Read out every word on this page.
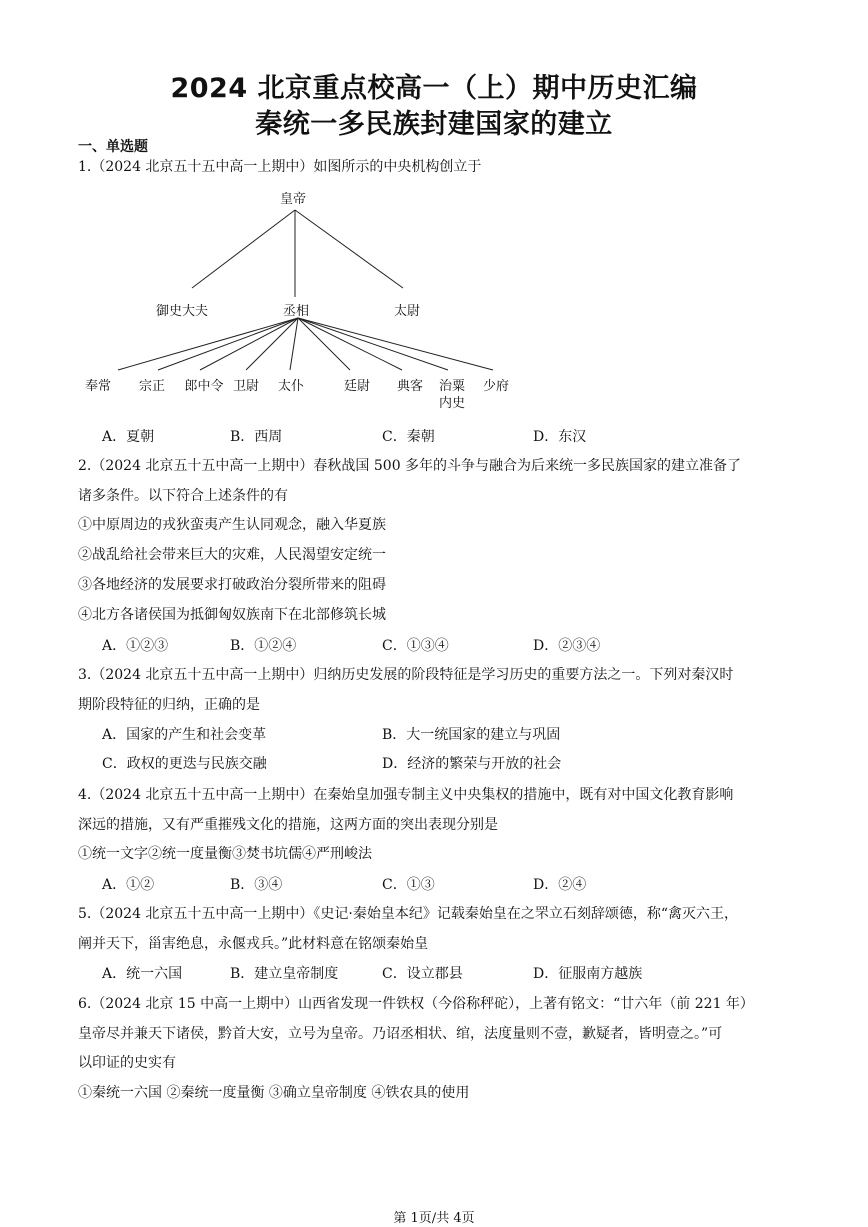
2024 北京重点校高一（上）期中历史汇编
秦统一多民族封建国家的建立
一、单选题
1.（2024 北京五十五中高一上期中）如图所示的中央机构创立于
皇帝
御史大夫	丞相	太尉
奉常 宗正 郎中令 卫尉 太仆	廷尉 典客 治粟
内史
少府
A．夏朝	B．西周	C．秦朝	D．东汉
2.（2024 北京五十五中高一上期中）春秋战国 500 多年的斗争与融合为后来统一多民族国家的建立准备了
诸多条件。以下符合上述条件的有
①中原周边的戎狄蛮夷产生认同观念，融入华夏族
②战乱给社会带来巨大的灾难，人民渴望安定统一
③各地经济的发展要求打破政治分裂所带来的阻碍
④北方各诸侯国为抵御匈奴族南下在北部修筑长城
A．①②③	B．①②④	C．①③④	D．②③④
3.（2024 北京五十五中高一上期中）归纳历史发展的阶段特征是学习历史的重要方法之一。下列对秦汉时
期阶段特征的归纳，正确的是
A．国家的产生和社会变革	B．大一统国家的建立与巩固
C．政权的更迭与民族交融	D．经济的繁荣与开放的社会
4.（2024 北京五十五中高一上期中）在秦始皇加强专制主义中央集权的措施中，既有对中国文化教育影响
深远的措施，又有严重摧残文化的措施，这两方面的突出表现分别是
①统一文字②统一度量衡③焚书坑儒④严刑峻法
A．①②	B．③④	C．①③	D．②④
5.（2024 北京五十五中高一上期中）《史记·秦始皇本纪》记载秦始皇在之罘立石刻辞颂德，称“禽灭六王，
阐并天下，甾害绝息，永偃戎兵。”此材料意在铭颂秦始皇
A．统一六国	B．建立皇帝制度	C．设立郡县	D．征服南方越族
6.（2024 北京 15 中高一上期中）山西省发现一件铁权（今俗称秤砣），上著有铭文：“廿六年（前 221 年）
皇帝尽并兼天下诸侯，黔首大安，立号为皇帝。乃诏丞相状、绾，法度量则不壹，歉疑者，皆明壹之。”可
以印证的史实有
①秦统一六国 ②秦统一度量衡 ③确立皇帝制度 ④铁农具的使用
第 1页/共 4页
